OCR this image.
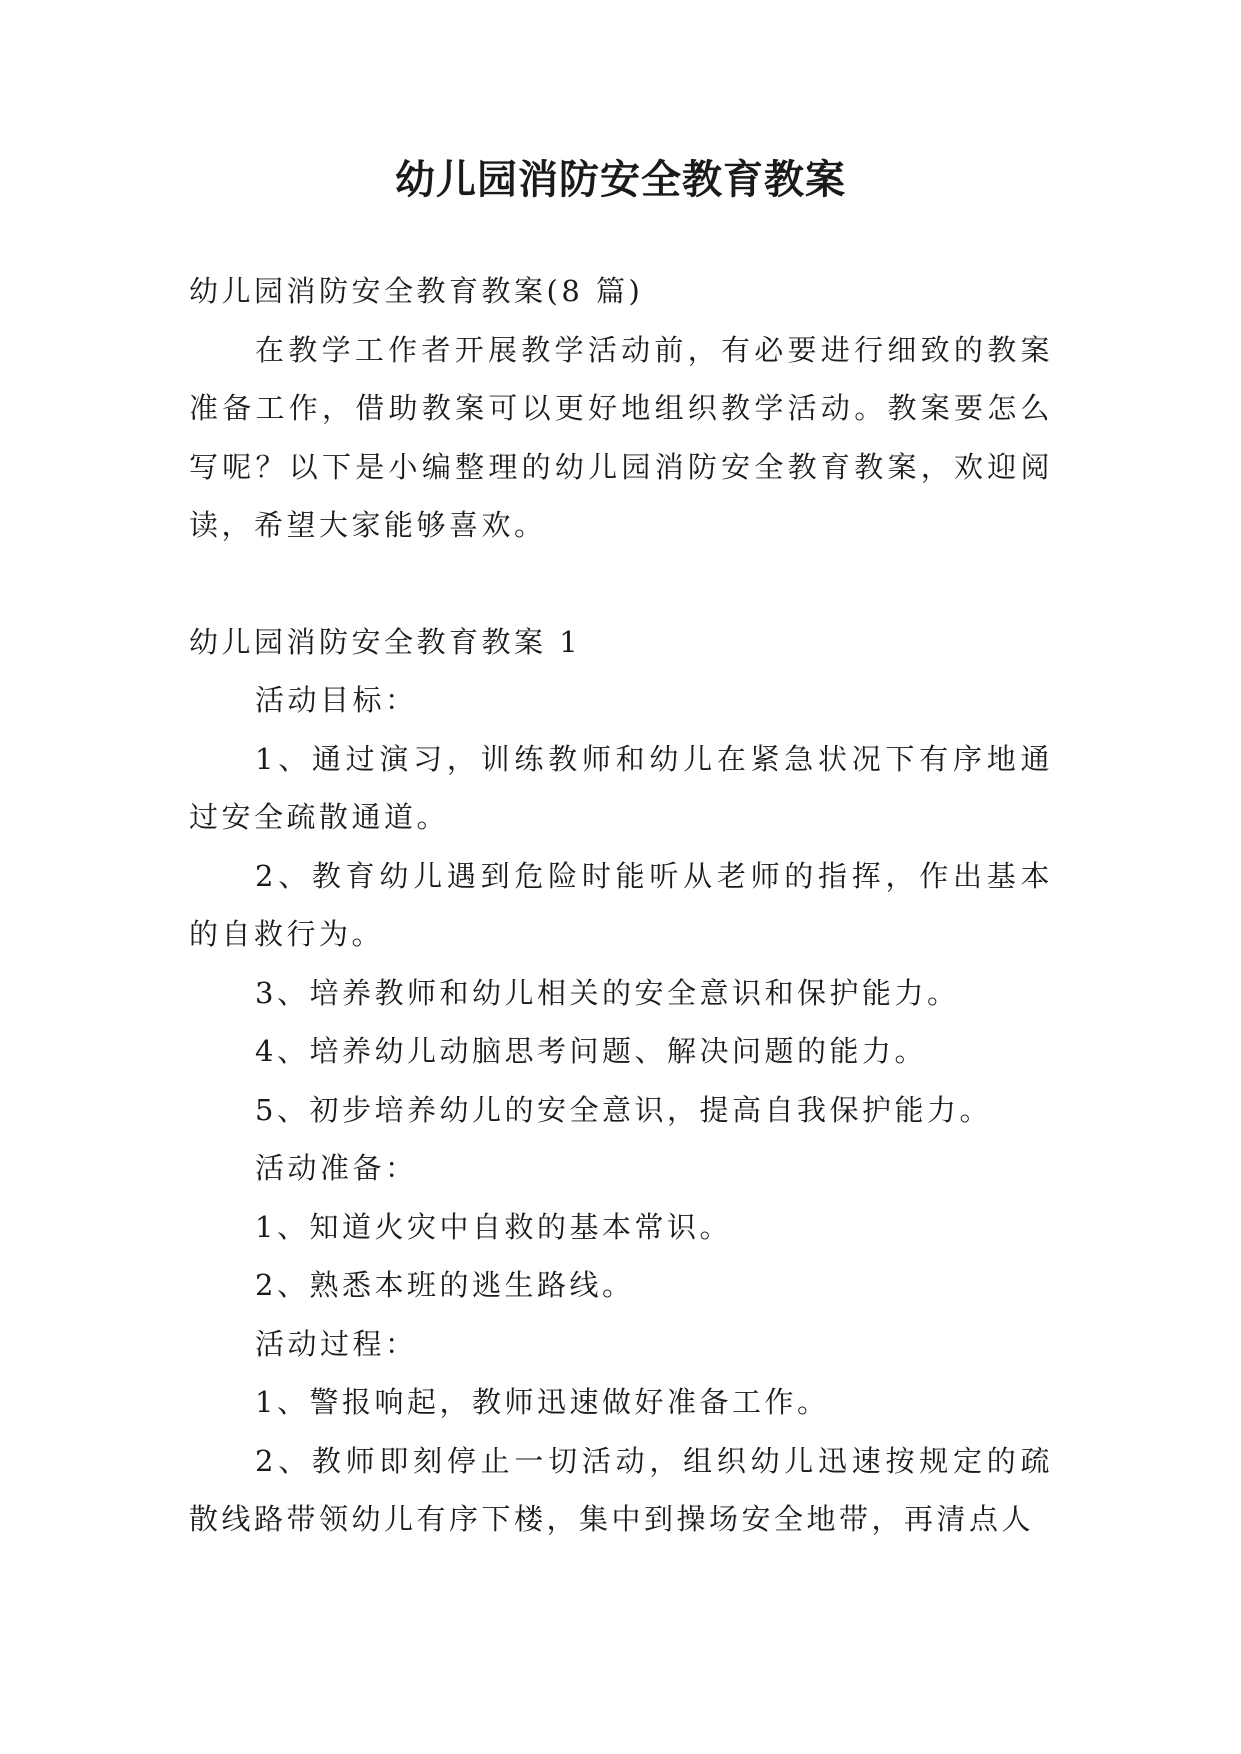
幼儿园消防安全教育教案

幼儿园消防安全教育教案(8 篇)

在教学工作者开展教学活动前，有必要进行细致的教案准备工作，借助教案可以更好地组织教学活动。教案要怎么写呢？以下是小编整理的幼儿园消防安全教育教案，欢迎阅读，希望大家能够喜欢。

幼儿园消防安全教育教案 1

活动目标：

1、通过演习，训练教师和幼儿在紧急状况下有序地通过安全疏散通道。

2、教育幼儿遇到危险时能听从老师的指挥，作出基本的自救行为。

3、培养教师和幼儿相关的安全意识和保护能力。

4、培养幼儿动脑思考问题、解决问题的能力。

5、初步培养幼儿的安全意识，提高自我保护能力。

活动准备：

1、知道火灾中自救的基本常识。

2、熟悉本班的逃生路线。

活动过程：

1、警报响起，教师迅速做好准备工作。

2、教师即刻停止一切活动，组织幼儿迅速按规定的疏散线路带领幼儿有序下楼，集中到操场安全地带，再清点人
